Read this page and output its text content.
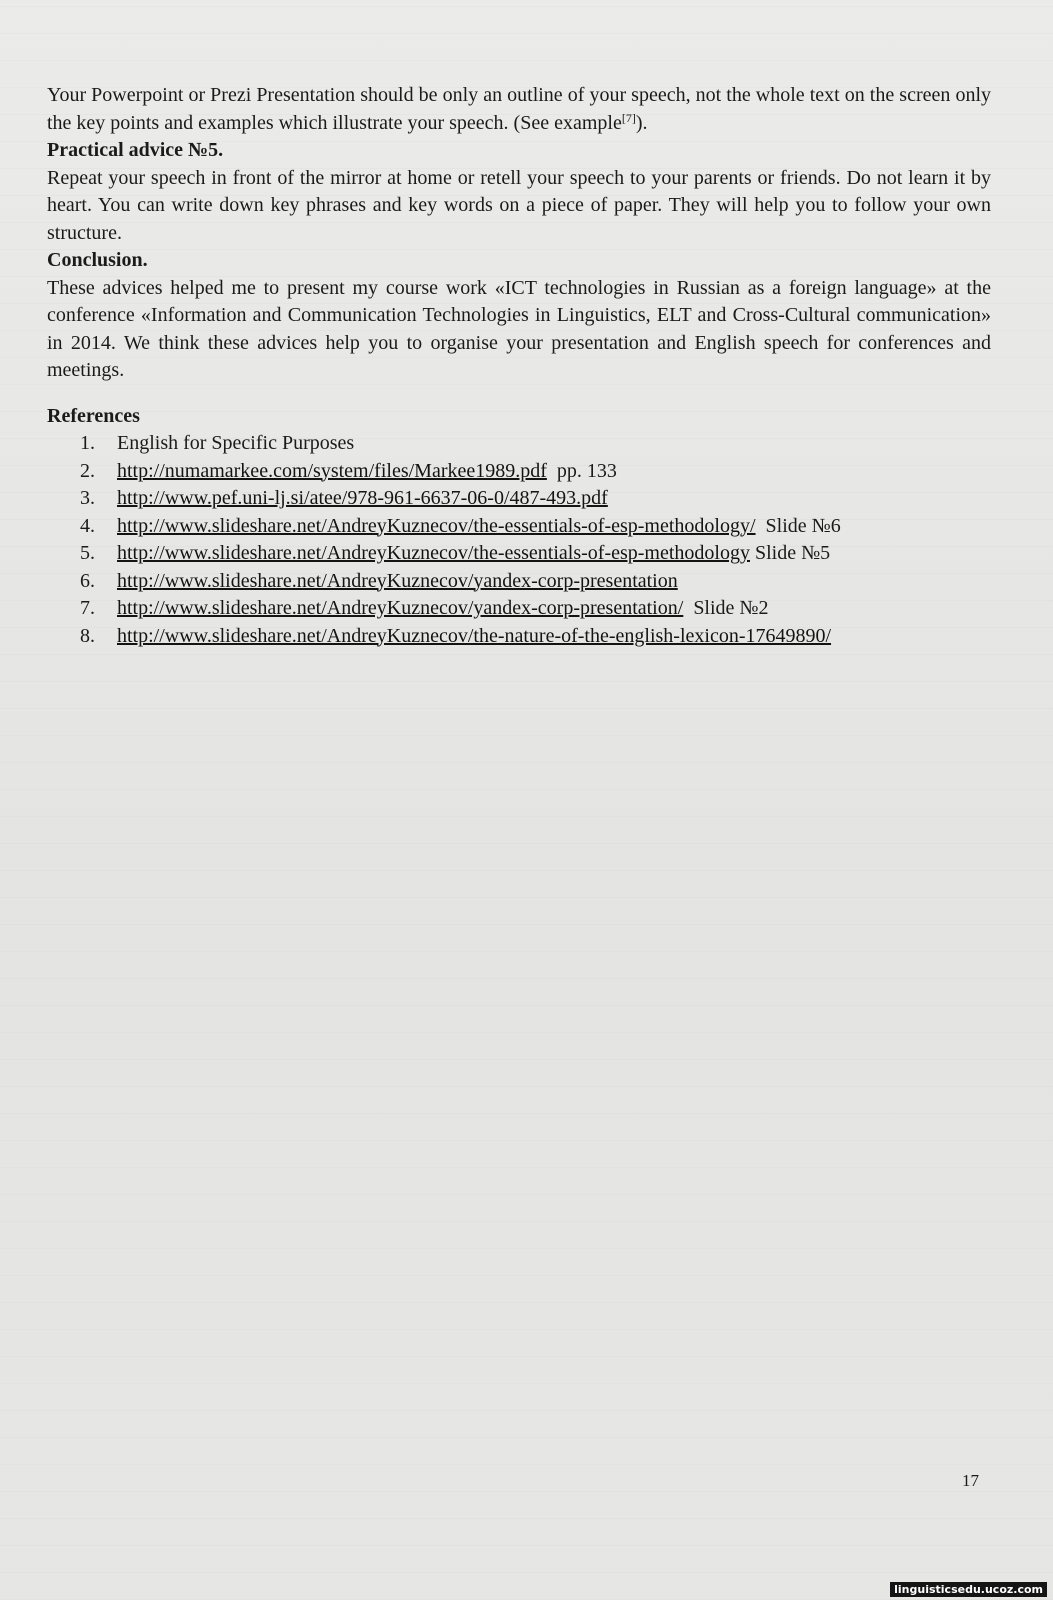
Your Powerpoint or Prezi Presentation should be only an outline of your speech, not the whole text on the screen only the key points and examples which illustrate your speech. (See example[7]).

Practical advice №5.

Repeat your speech in front of the mirror at home or retell your speech to your parents or friends. Do not learn it by heart. You can write down key phrases and key words on a piece of paper. They will help you to follow your own structure.

Conclusion.

These advices helped me to present my course work «ICT technologies in Russian as a foreign language» at the conference «Information and Communication Technologies in Linguistics, ELT and Cross-Cultural communication» in 2014. We think these advices help you to organise your presentation and English speech for conferences and meetings.

References

1. English for Specific Purposes
2. http://numamarkee.com/system/files/Markee1989.pdf  pp. 133
3. http://www.pef.uni-lj.si/atee/978-961-6637-06-0/487-493.pdf
4. http://www.slideshare.net/AndreyKuznecov/the-essentials-of-esp-methodology/  Slide №6
5. http://www.slideshare.net/AndreyKuznecov/the-essentials-of-esp-methodology Slide №5
6. http://www.slideshare.net/AndreyKuznecov/yandex-corp-presentation
7. http://www.slideshare.net/AndreyKuznecov/yandex-corp-presentation/  Slide №2
8. http://www.slideshare.net/AndreyKuznecov/the-nature-of-the-english-lexicon-17649890/
17
linguisticsedu.ucoz.com
